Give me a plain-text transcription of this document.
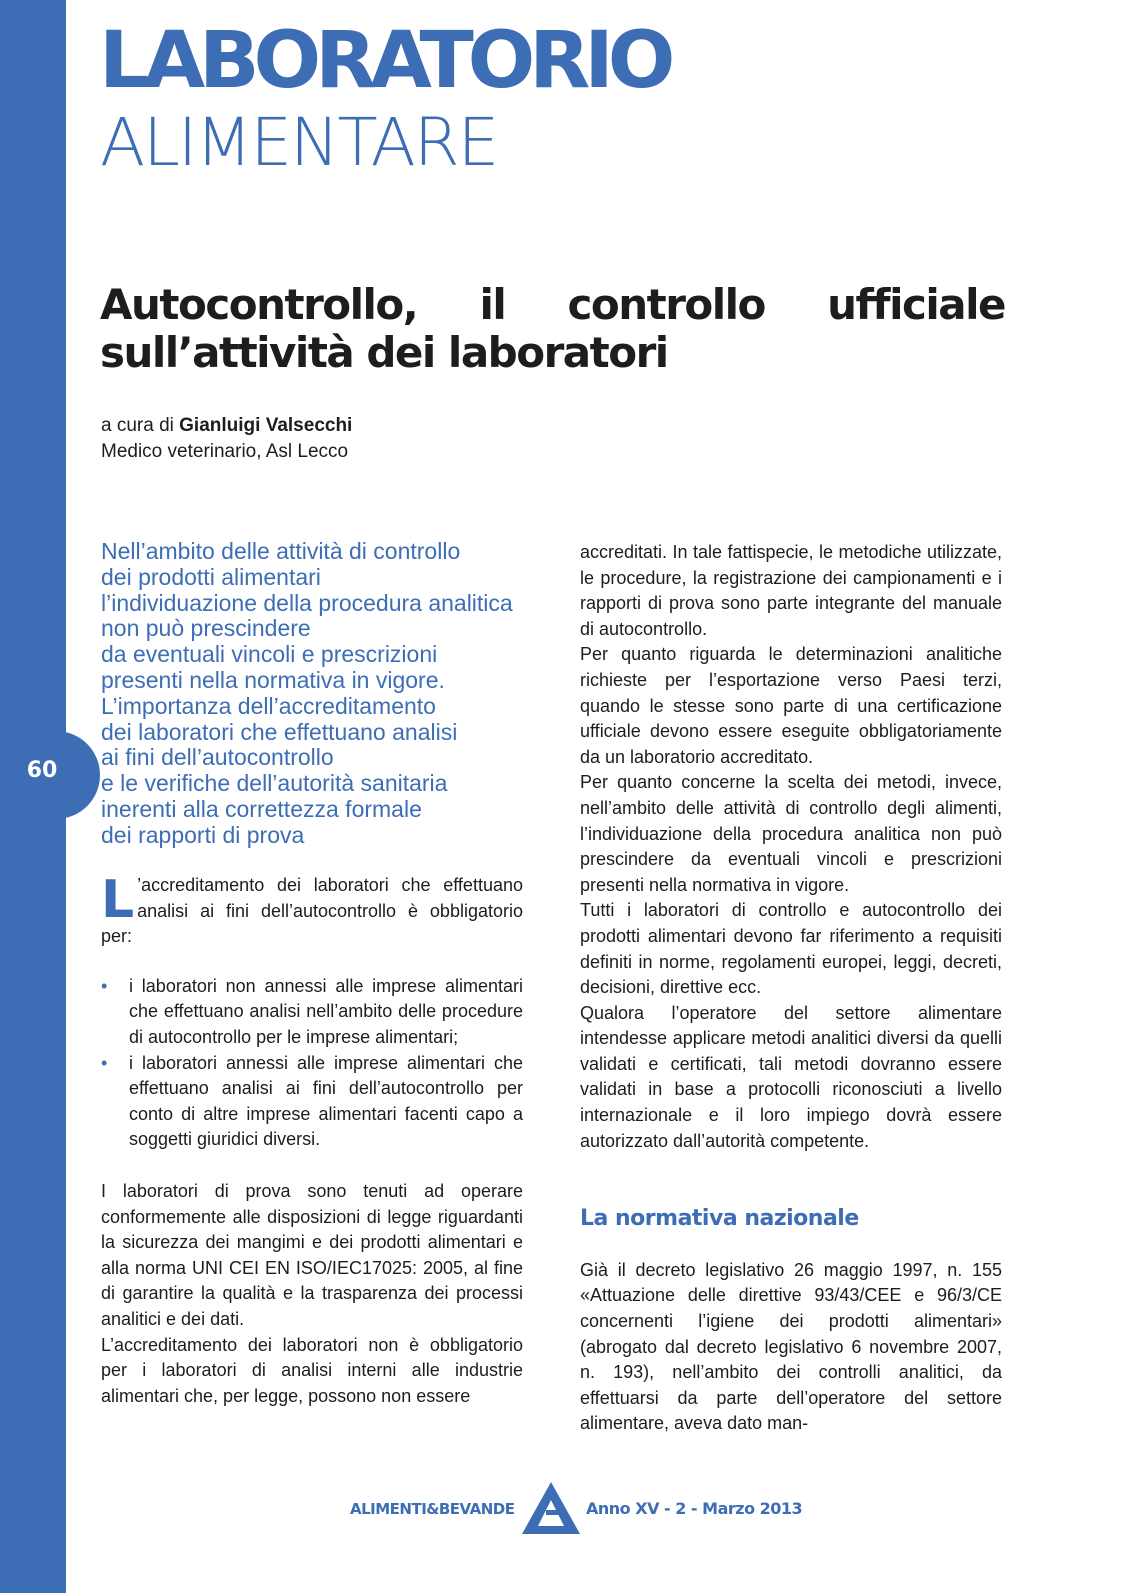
60
LABORATORIO
ALIMENTARE
Autocontrollo, il controllo ufficiale
sull’attività dei laboratori
a cura di Gianluigi Valsecchi
Medico veterinario, Asl Lecco
Nell’ambito delle attività di controllo
dei prodotti alimentari
l’individuazione della procedura analitica
non può prescindere
da eventuali vincoli e prescrizioni
presenti nella normativa in vigore.
L’importanza dell’accreditamento
dei laboratori che effettuano analisi
ai fini dell’autocontrollo
e le verifiche dell’autorità sanitaria
inerenti alla correttezza formale
dei rapporti di prova

L ’accreditamento dei laboratori che effettuano analisi ai fini dell’autocontrollo è obbligatorio per:

• i laboratori non annessi alle imprese alimentari che effettuano analisi nell’ambito delle procedure di autocontrollo per le imprese alimentari;
• i laboratori annessi alle imprese alimentari che effettuano analisi ai fini dell’autocontrollo per conto di altre imprese alimentari facenti capo a soggetti giuridici diversi.

I laboratori di prova sono tenuti ad operare conformemente alle disposizioni di legge riguardanti la sicurezza dei mangimi e dei prodotti alimentari e alla norma UNI CEI EN ISO/IEC17025: 2005, al fine di garantire la qualità e la trasparenza dei processi analitici e dei dati.

L’accreditamento dei laboratori non è obbligatorio per i laboratori di analisi interni alle industrie alimentari che, per legge, possono non essere

accreditati. In tale fattispecie, le metodiche utilizzate, le procedure, la registrazione dei campionamenti e i rapporti di prova sono parte integrante del manuale di autocontrollo.

Per quanto riguarda le determinazioni analitiche richieste per l’esportazione verso Paesi terzi, quando le stesse sono parte di una certificazione ufficiale devono essere eseguite obbligatoriamente da un laboratorio accreditato.

Per quanto concerne la scelta dei metodi, invece, nell’ambito delle attività di controllo degli alimenti, l’individuazione della procedura analitica non può prescindere da eventuali vincoli e prescrizioni presenti nella normativa in vigore.

Tutti i laboratori di controllo e autocontrollo dei prodotti alimentari devono far riferimento a requisiti definiti in norme, regolamenti europei, leggi, decreti, decisioni, direttive ecc.

Qualora l’operatore del settore alimentare intendesse applicare metodi analitici diversi da quelli validati e certificati, tali metodi dovranno essere validati in base a protocolli riconosciuti a livello internazionale e il loro impiego dovrà essere autorizzato dall’autorità competente.

La normativa nazionale

Già il decreto legislativo 26 maggio 1997, n. 155 «Attuazione delle direttive 93/43/CEE e 96/3/CE concernenti l’igiene dei prodotti alimentari» (abrogato dal decreto legislativo 6 novembre 2007, n. 193), nell’ambito dei controlli analitici, da effettuarsi da parte dell’operatore del settore alimentare, aveva dato man-

ALIMENTI&BEVANDE	Anno XV - 2 - Marzo 2013
